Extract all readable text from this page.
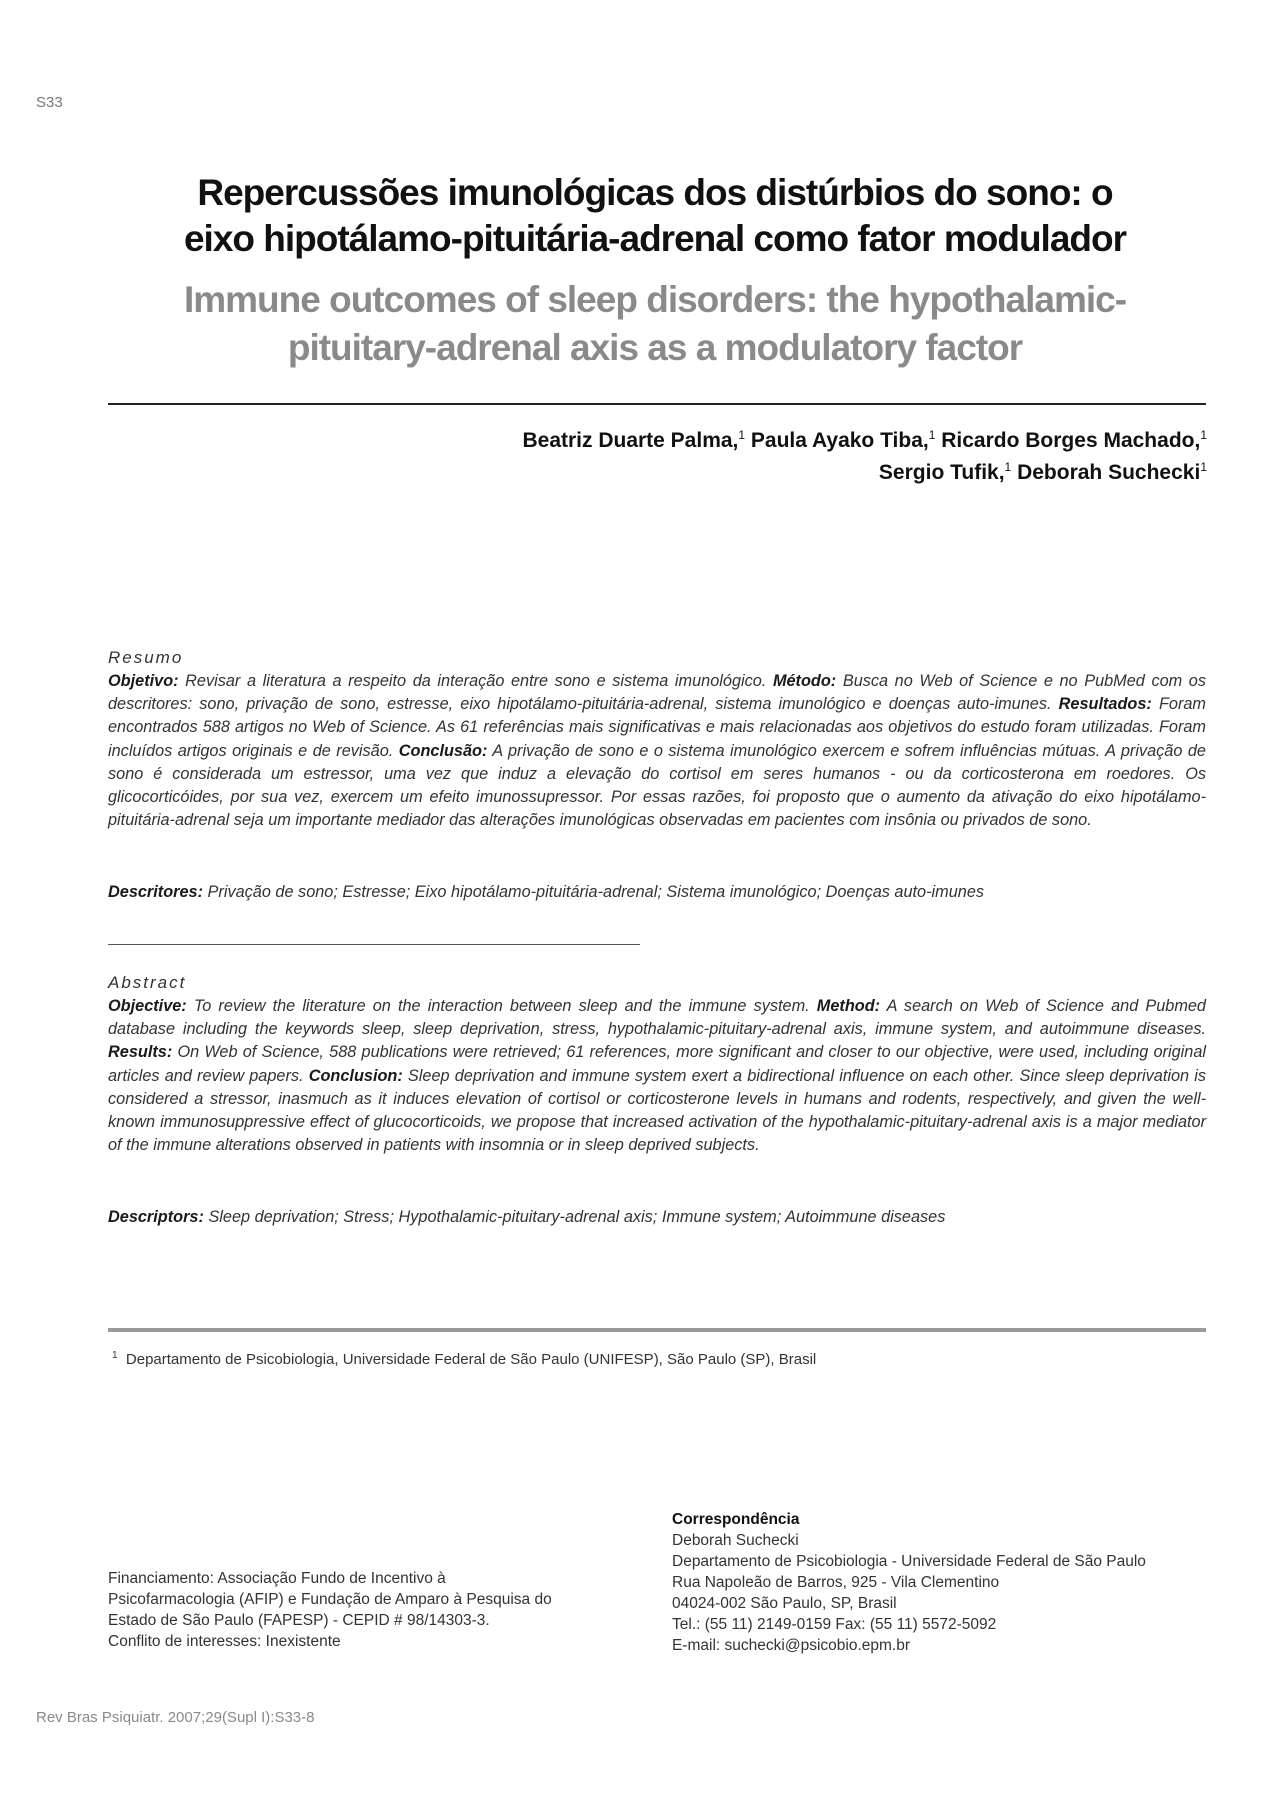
S33
Repercussões imunológicas dos distúrbios do sono: o
eixo hipotálamo-pituitária-adrenal como fator modulador
Immune outcomes of sleep disorders: the hypothalamic-
pituitary-adrenal axis as a modulatory factor
Beatriz Duarte Palma,$^1$ Paula Ayako Tiba,$^1$ Ricardo Borges Machado,$^1$
Sergio Tufik,$^1$ Deborah Suchecki$^1$
Resumo
Objetivo: Revisar a literatura a respeito da interação entre sono e sistema imunológico. Método: Busca no Web of Science e no PubMed com os descritores: sono, privação de sono, estresse, eixo hipotálamo-pituitária-adrenal, sistema imunológico e doenças auto-imunes. Resultados: Foram encontrados 588 artigos no Web of Science. As 61 referências mais significativas e mais relacionadas aos objetivos do estudo foram utilizadas. Foram incluídos artigos originais e de revisão. Conclusão: A privação de sono e o sistema imunológico exercem e sofrem influências mútuas. A privação de sono é considerada um estressor, uma vez que induz a elevação do cortisol em seres humanos - ou da corticosterona em roedores. Os glicocorticóides, por sua vez, exercem um efeito imunossupressor. Por essas razões, foi proposto que o aumento da ativação do eixo hipotálamo-pituitária-adrenal seja um importante mediador das alterações imunológicas observadas em pacientes com insônia ou privados de sono.
Descritores: Privação de sono; Estresse; Eixo hipotálamo-pituitária-adrenal; Sistema imunológico; Doenças auto-imunes
Abstract
Objective: To review the literature on the interaction between sleep and the immune system. Method: A search on Web of Science and Pubmed database including the keywords sleep, sleep deprivation, stress, hypothalamic-pituitary-adrenal axis, immune system, and autoimmune diseases. Results: On Web of Science, 588 publications were retrieved; 61 references, more significant and closer to our objective, were used, including original articles and review papers. Conclusion: Sleep deprivation and immune system exert a bidirectional influence on each other. Since sleep deprivation is considered a stressor, inasmuch as it induces elevation of cortisol or corticosterone levels in humans and rodents, respectively, and given the well-known immunosuppressive effect of glucocorticoids, we propose that increased activation of the hypothalamic-pituitary-adrenal axis is a major mediator of the immune alterations observed in patients with insomnia or in sleep deprived subjects.
Descriptors: Sleep deprivation; Stress; Hypothalamic-pituitary-adrenal axis; Immune system; Autoimmune diseases
$^1$ Departamento de Psicobiologia, Universidade Federal de São Paulo (UNIFESP), São Paulo (SP), Brasil
Financiamento: Associação Fundo de Incentivo à
Psicofarmacologia (AFIP) e Fundação de Amparo à Pesquisa do
Estado de São Paulo (FAPESP) - CEPID # 98/14303-3.
Conflito de interesses: Inexistente
Correspondência
Deborah Suchecki
Departamento de Psicobiologia - Universidade Federal de São Paulo
Rua Napoleão de Barros, 925 - Vila Clementino
04024-002 São Paulo, SP, Brasil
Tel.: (55 11) 2149-0159 Fax: (55 11) 5572-5092
E-mail: suchecki@psicobio.epm.br
Rev Bras Psiquiatr. 2007;29(Supl I):S33-8
